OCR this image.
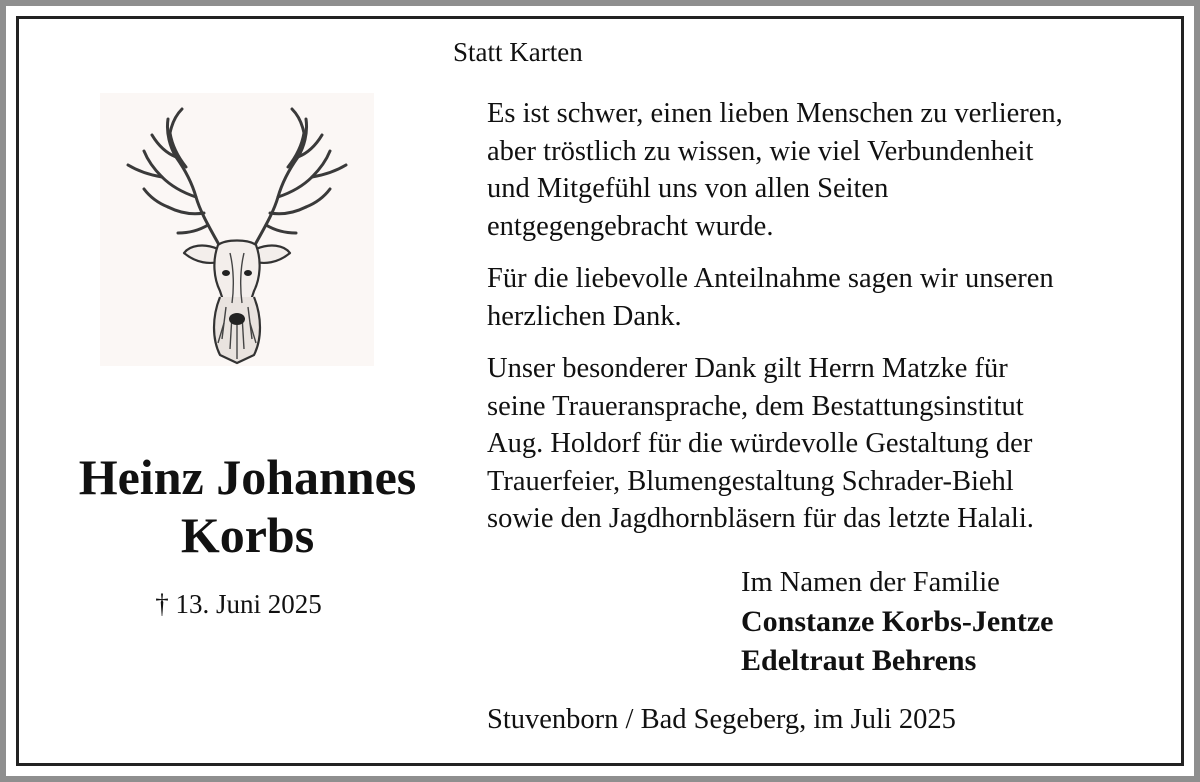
Statt Karten

Heinz Johannes

Korbs

† 13. Juni 2025

Es ist schwer, einen lieben Menschen zu verlieren,
aber tröstlich zu wissen, wie viel Verbundenheit
und Mitgefühl uns von allen Seiten
entgegengebracht wurde.

Für die liebevolle Anteilnahme sagen wir unseren
herzlichen Dank.

Unser besonderer Dank gilt Herrn Matzke für
seine Traueransprache, dem Bestattungsinstitut
Aug. Holdorf für die würdevolle Gestaltung der
Trauerfeier, Blumengestaltung Schrader-Biehl
sowie den Jagdhornbläsern für das letzte Halali.

Im Namen der Familie
Constanze Korbs-Jentze
Edeltraut Behrens
Stuvenborn / Bad Segeberg, im Juli 2025
